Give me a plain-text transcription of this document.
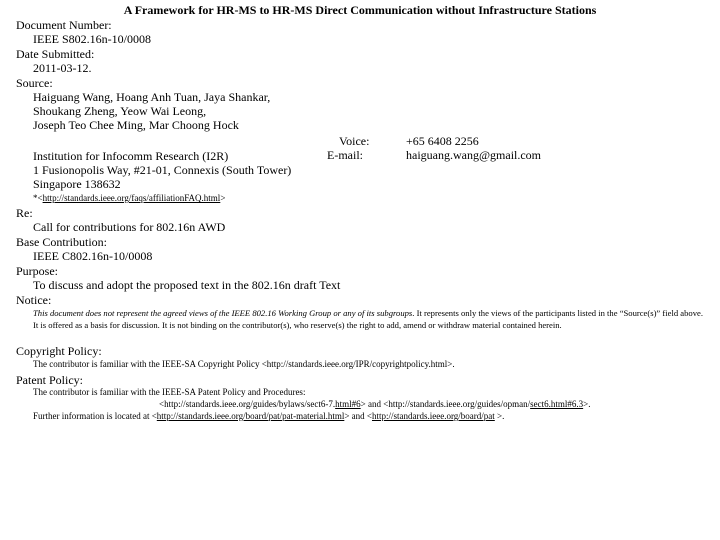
A Framework for HR-MS to HR-MS Direct Communication without Infrastructure Stations
Document Number:
IEEE S802.16n-10/0008
Date Submitted:
2011-03-12.
Source:
Haiguang Wang, Hoang Anh Tuan, Jaya Shankar,
Shoukang Zheng, Yeow Wai Leong,
Joseph Teo Chee Ming, Mar Choong Hock
Voice:	+65 6408 2256
E-mail:	haiguang.wang@gmail.com
Institution for Infocomm Research (I2R)
1 Fusionopolis Way, #21-01, Connexis (South Tower)
Singapore 138632
*<http://standards.ieee.org/faqs/affiliationFAQ.html>
Re:
Call for contributions for 802.16n AWD
Base Contribution:
IEEE C802.16n-10/0008
Purpose:
To discuss and adopt the proposed text in the 802.16n draft Text
Notice:
This document does not represent the agreed views of the IEEE 802.16 Working Group or any of its subgroups. It represents only the views of the participants listed in the “Source(s)” field above. It is offered as a basis for discussion. It is not binding on the contributor(s), who reserve(s) the right to add, amend or withdraw material contained herein.
Copyright Policy:
The contributor is familiar with the IEEE-SA Copyright Policy <http://standards.ieee.org/IPR/copyrightpolicy.html>.
Patent Policy:
The contributor is familiar with the IEEE-SA Patent Policy and Procedures:
<http://standards.ieee.org/guides/bylaws/sect6-7.html#6> and <http://standards.ieee.org/guides/opman/sect6.html#6.3>.
Further information is located at <http://standards.ieee.org/board/pat/pat-material.html> and <http://standards.ieee.org/board/pat >.
